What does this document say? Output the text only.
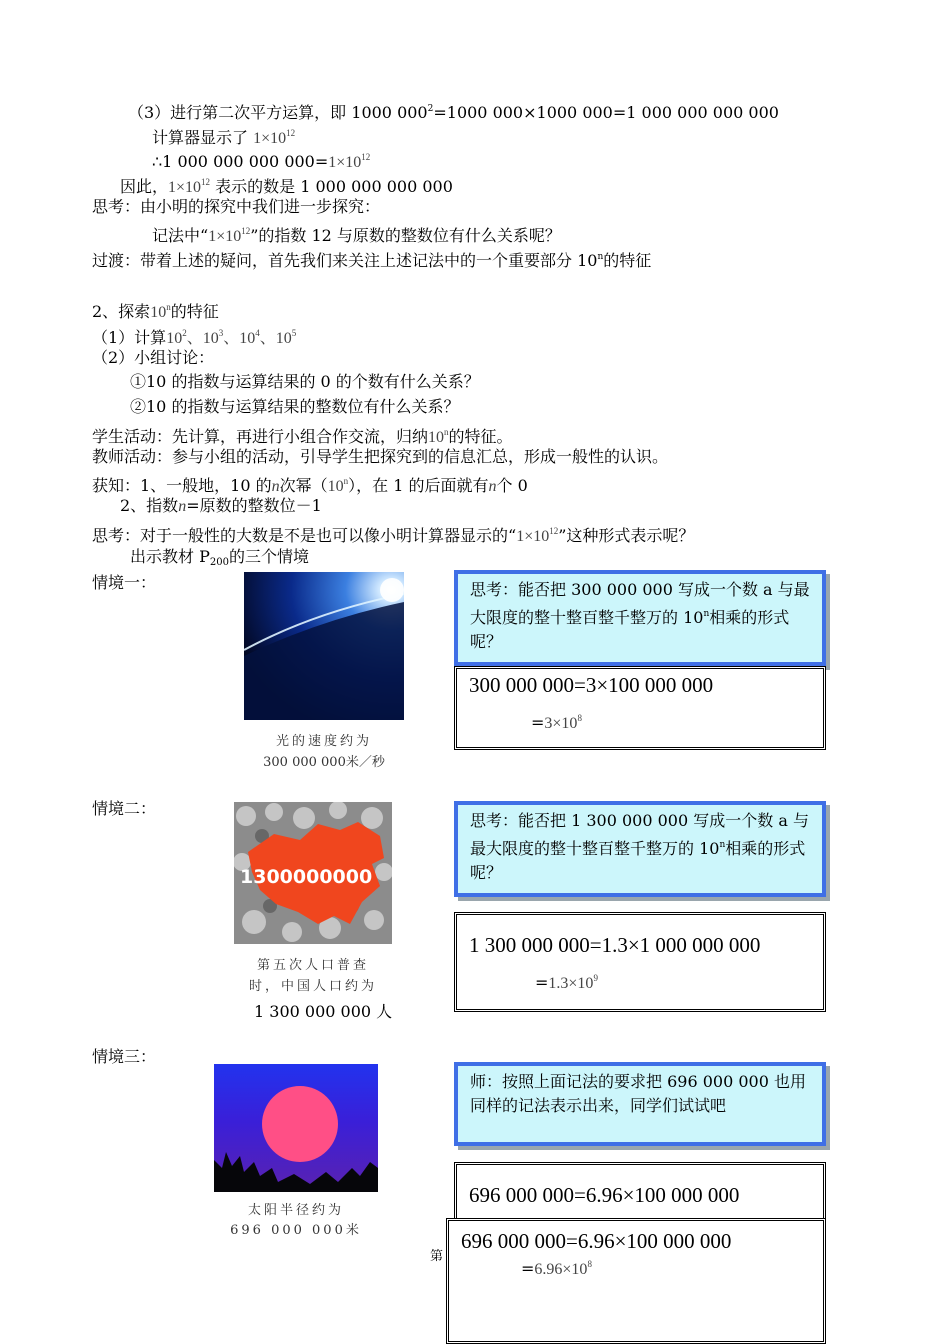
（3）进行第二次平方运算，即 1000 $000^2=1000$ 000×1000 000=1 000 000 000 000
计算器显示了 $1\times 10^{12}$
∴1 000 000 000 $000=1\times 10^{12}$
因此，$1\times 10^{12}$ 表示的数是 1 000 000 000 000
思考：由小明的探究中我们进一步探究：
记法中“$1\times 10^{12}$”的指数 12 与原数的整数位有什么关系呢？
过渡：带着上述的疑问，首先我们来关注上述记法中的一个重要部分 10$^n$的特征
2、探索10$^n$的特征
（1）计算$10^2$、$10^3$、$10^4$、$10^5$
（2）小组讨论：
①10 的指数与运算结果的 0 的个数有什么关系？
②10 的指数与运算结果的整数位有什么关系？
学生活动：先计算，再进行小组合作交流，归纳10$^n$的特征。
教师活动：参与小组的活动，引导学生把探究到的信息汇总，形成一般性的认识。
获知：1、一般地，10 的n次幂（10$^n$），在 1 的后面就有n个 0
2、指数n=原数的整数位－1
思考：对于一般性的大数是不是也可以像小明计算器显示的“$1\times 10^{12}$”这种形式表示呢？
出示教材 P200的三个情境
情境一：
光的速度约为
300 000 000米／秒
思考：能否把 300 000 000 写成一个数 a 与最大限度的整十整百整千整万的 10$^n$相乘的形式呢？
300 000 000=3×100 000 000
$=3\times 10^8$
情境二：
1300000000
第五次人口普查
时，中国人口约为
1 300 000 000 人
思考：能否把 1 300 000 000 写成一个数 a 与最大限度的整十整百整千整万的 10$^n$相乘的形式呢？
1 300 000 000=1.3×1 000 000 000
$=1.3\times 10^9$
情境三：
太阳半径约为
696 000 000米
师：按照上面记法的要求把 696 000 000 也用同样的记法表示出来，同学们试试吧
696 000 000=6.96×100 000 000
第
696 000 000=6.96×100 000 000
$=6.96\times 10^8$
